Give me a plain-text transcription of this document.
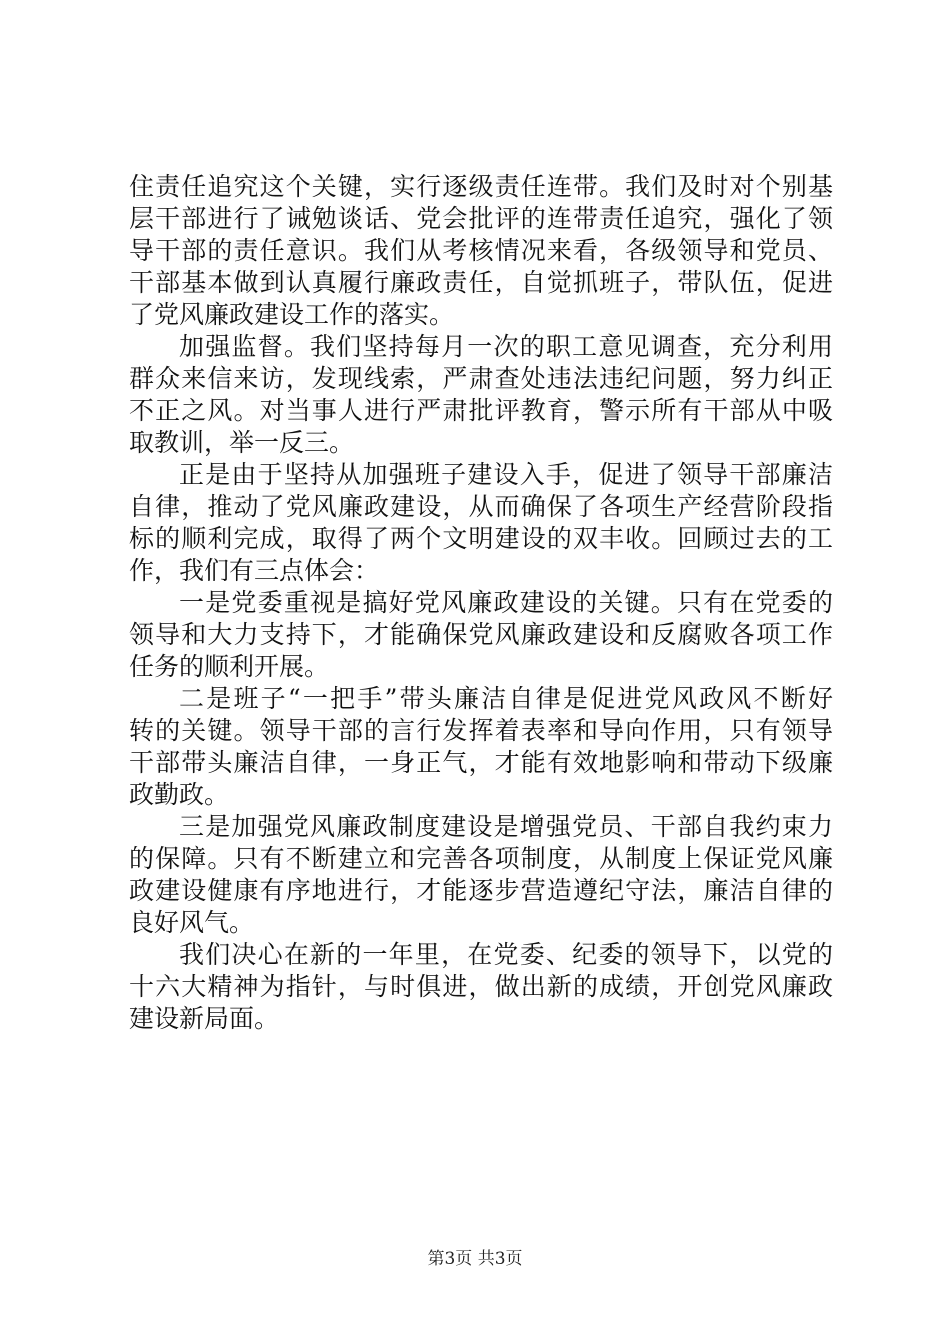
住责任追究这个关键，实行逐级责任连带。我们及时对个别基
层干部进行了诫勉谈话、党会批评的连带责任追究，强化了领
导干部的责任意识。我们从考核情况来看，各级领导和党员、
干部基本做到认真履行廉政责任，自觉抓班子，带队伍，促进
了党风廉政建设工作的落实。
加强监督。我们坚持每月一次的职工意见调查，充分利用
群众来信来访，发现线索，严肃查处违法违纪问题，努力纠正
不正之风。对当事人进行严肃批评教育，警示所有干部从中吸
取教训，举一反三。
正是由于坚持从加强班子建设入手，促进了领导干部廉洁
自律，推动了党风廉政建设，从而确保了各项生产经营阶段指
标的顺利完成，取得了两个文明建设的双丰收。回顾过去的工
作，我们有三点体会：
一是党委重视是搞好党风廉政建设的关键。只有在党委的
领导和大力支持下，才能确保党风廉政建设和反腐败各项工作
任务的顺利开展。
二是班子“一把手”带头廉洁自律是促进党风政风不断好
转的关键。领导干部的言行发挥着表率和导向作用，只有领导
干部带头廉洁自律，一身正气，才能有效地影响和带动下级廉
政勤政。
三是加强党风廉政制度建设是增强党员、干部自我约束力
的保障。只有不断建立和完善各项制度，从制度上保证党风廉
政建设健康有序地进行，才能逐步营造遵纪守法，廉洁自律的
良好风气。
我们决心在新的一年里，在党委、纪委的领导下，以党的
十六大精神为指针，与时俱进，做出新的成绩，开创党风廉政
建设新局面。
第3页 共3页
